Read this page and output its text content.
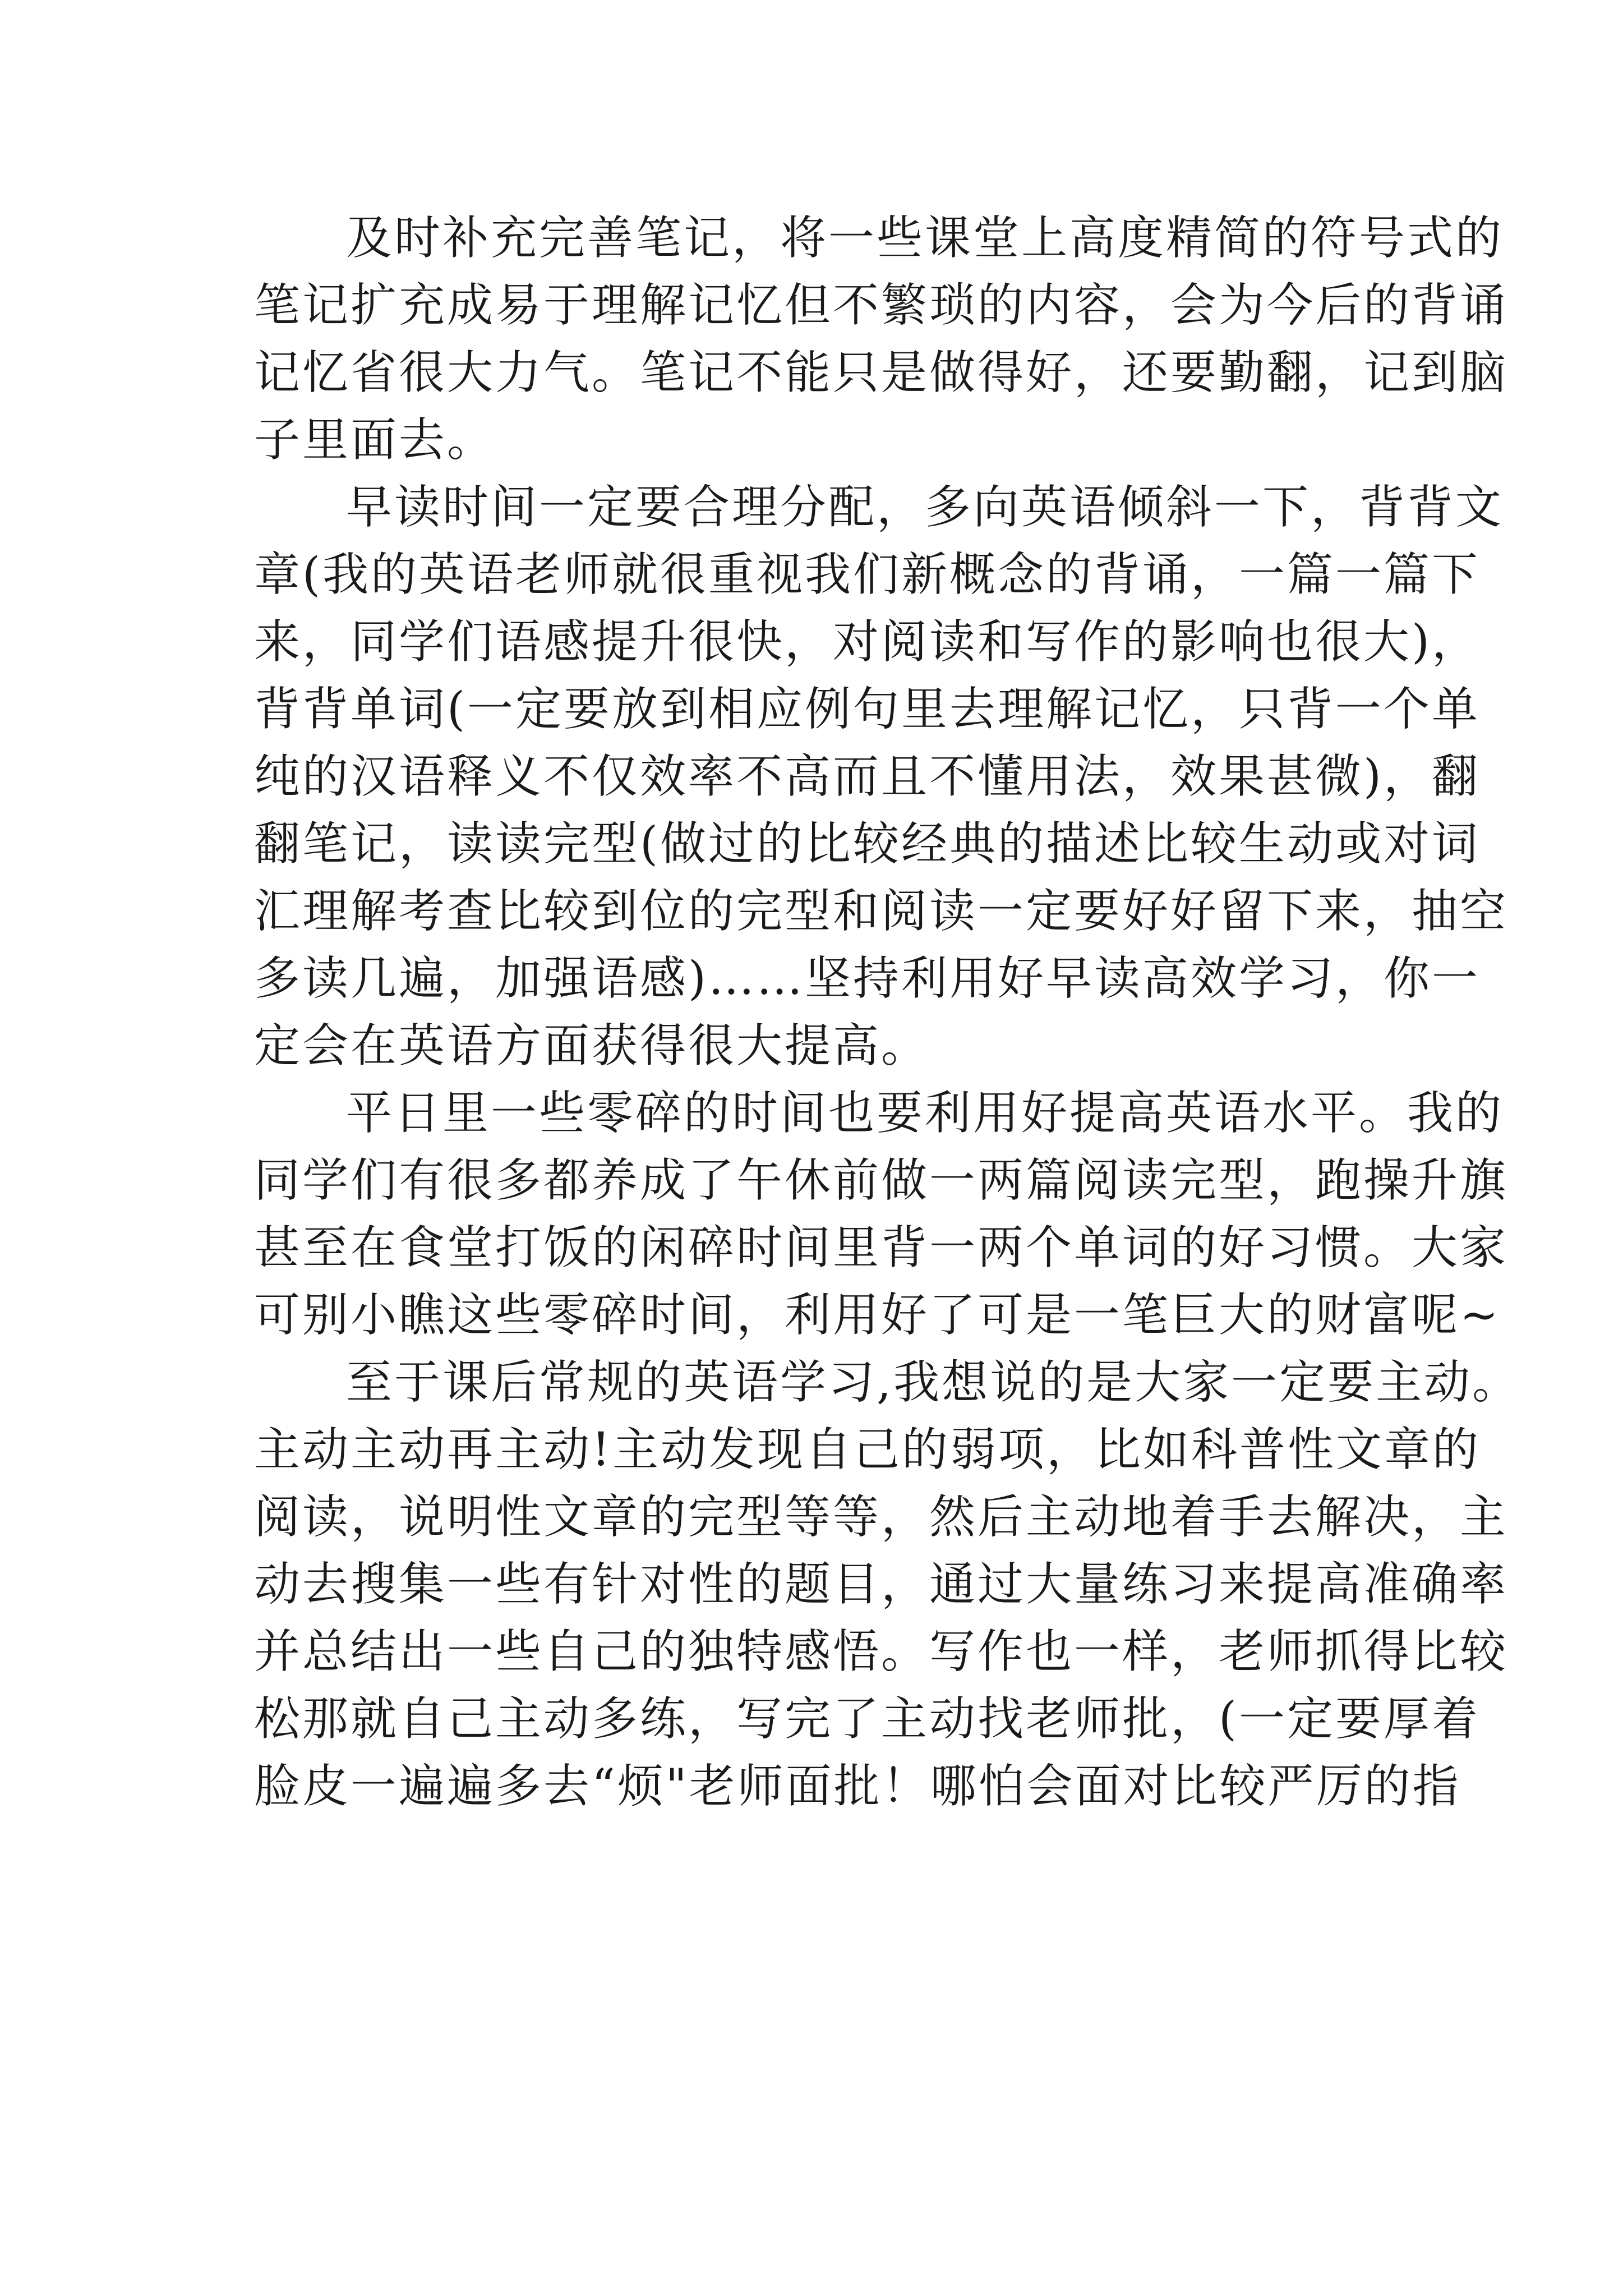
及时补充完善笔记，将一些课堂上高度精简的符号式的
笔记扩充成易于理解记忆但不繁琐的内容，会为今后的背诵
记忆省很大力气。笔记不能只是做得好，还要勤翻，记到脑
子里面去。
早读时间一定要合理分配，多向英语倾斜一下，背背文
章(我的英语老师就很重视我们新概念的背诵，一篇一篇下
来，同学们语感提升很快，对阅读和写作的影响也很大)，
背背单词(一定要放到相应例句里去理解记忆，只背一个单
纯的汉语释义不仅效率不高而且不懂用法，效果甚微)，翻
翻笔记，读读完型(做过的比较经典的描述比较生动或对词
汇理解考查比较到位的完型和阅读一定要好好留下来，抽空
多读几遍，加强语感)……坚持利用好早读高效学习，你一
定会在英语方面获得很大提高。
平日里一些零碎的时间也要利用好提高英语水平。我的
同学们有很多都养成了午休前做一两篇阅读完型，跑操升旗
甚至在食堂打饭的闲碎时间里背一两个单词的好习惯。大家
可别小瞧这些零碎时间，利用好了可是一笔巨大的财富呢~
至于课后常规的英语学习,我想说的是大家一定要主动。
主动主动再主动!主动发现自己的弱项，比如科普性文章的
阅读，说明性文章的完型等等，然后主动地着手去解决，主
动去搜集一些有针对性的题目，通过大量练习来提高准确率
并总结出一些自己的独特感悟。写作也一样，老师抓得比较
松那就自己主动多练，写完了主动找老师批，(一定要厚着
脸皮一遍遍多去“烦"老师面批！哪怕会面对比较严厉的指
